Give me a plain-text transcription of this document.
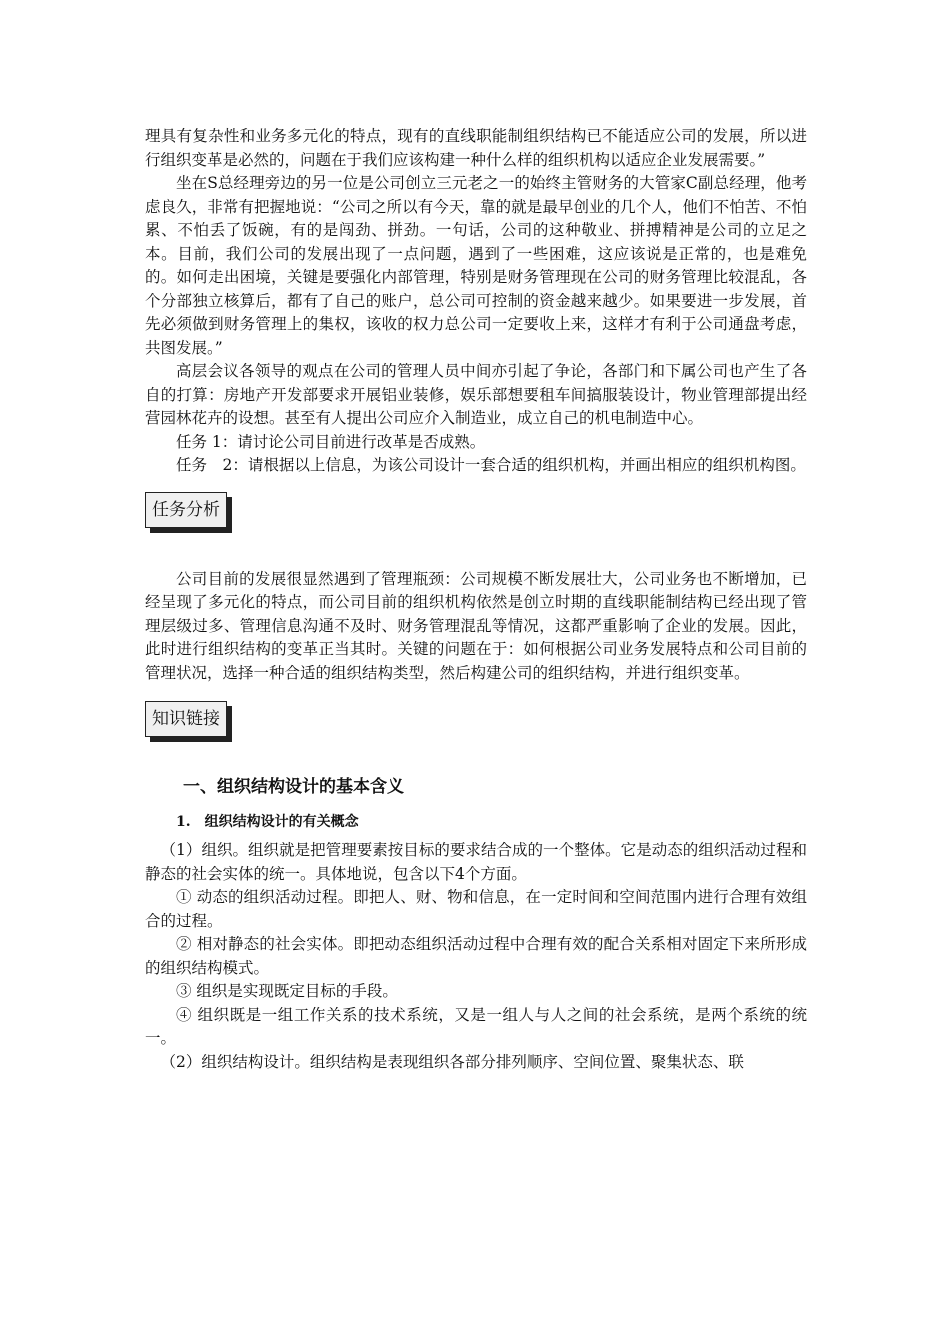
理具有复杂性和业务多元化的特点，现有的直线职能制组织结构已不能适应公司的发展，所以进行组织变革是必然的，问题在于我们应该构建一种什么样的组织机构以适应企业发展需要。”

坐在S总经理旁边的另一位是公司创立三元老之一的始终主管财务的大管家C副总经理，他考虑良久，非常有把握地说：“公司之所以有今天，靠的就是最早创业的几个人，他们不怕苦、不怕累、不怕丢了饭碗，有的是闯劲、拼劲。一句话，公司的这种敬业、拼搏精神是公司的立足之本。目前，我们公司的发展出现了一点问题，遇到了一些困难，这应该说是正常的，也是难免的。如何走出困境，关键是要强化内部管理，特别是财务管理现在公司的财务管理比较混乱，各个分部独立核算后，都有了自己的账户，总公司可控制的资金越来越少。如果要进一步发展，首先必须做到财务管理上的集权，该收的权力总公司一定要收上来，这样才有利于公司通盘考虑，共图发展。”

高层会议各领导的观点在公司的管理人员中间亦引起了争论，各部门和下属公司也产生了各自的打算：房地产开发部要求开展铝业装修，娱乐部想要租车间搞服装设计，物业管理部提出经营园林花卉的设想。甚至有人提出公司应介入制造业，成立自己的机电制造中心。

任务 1：请讨论公司目前进行改革是否成熟。

任务　2：请根据以上信息，为该公司设计一套合适的组织机构，并画出相应的组织机构图。

任务分析

公司目前的发展很显然遇到了管理瓶颈：公司规模不断发展壮大，公司业务也不断增加，已经呈现了多元化的特点，而公司目前的组织机构依然是创立时期的直线职能制结构已经出现了管理层级过多、管理信息沟通不及时、财务管理混乱等情况，这都严重影响了企业的发展。因此，此时进行组织结构的变革正当其时。关键的问题在于：如何根据公司业务发展特点和公司目前的管理状况，选择一种合适的组织结构类型，然后构建公司的组织结构，并进行组织变革。

知识链接
一、组织结构设计的基本含义
1.　组织结构设计的有关概念

（1）组织。组织就是把管理要素按目标的要求结合成的一个整体。它是动态的组织活动过程和静态的社会实体的统一。具体地说，包含以下4个方面。

① 动态的组织活动过程。即把人、财、物和信息，在一定时间和空间范围内进行合理有效组合的过程。

② 相对静态的社会实体。即把动态组织活动过程中合理有效的配合关系相对固定下来所形成的组织结构模式。

③ 组织是实现既定目标的手段。

④ 组织既是一组工作关系的技术系统，又是一组人与人之间的社会系统，是两个系统的统一。

（2）组织结构设计。组织结构是表现组织各部分排列顺序、空间位置、聚集状态、联
